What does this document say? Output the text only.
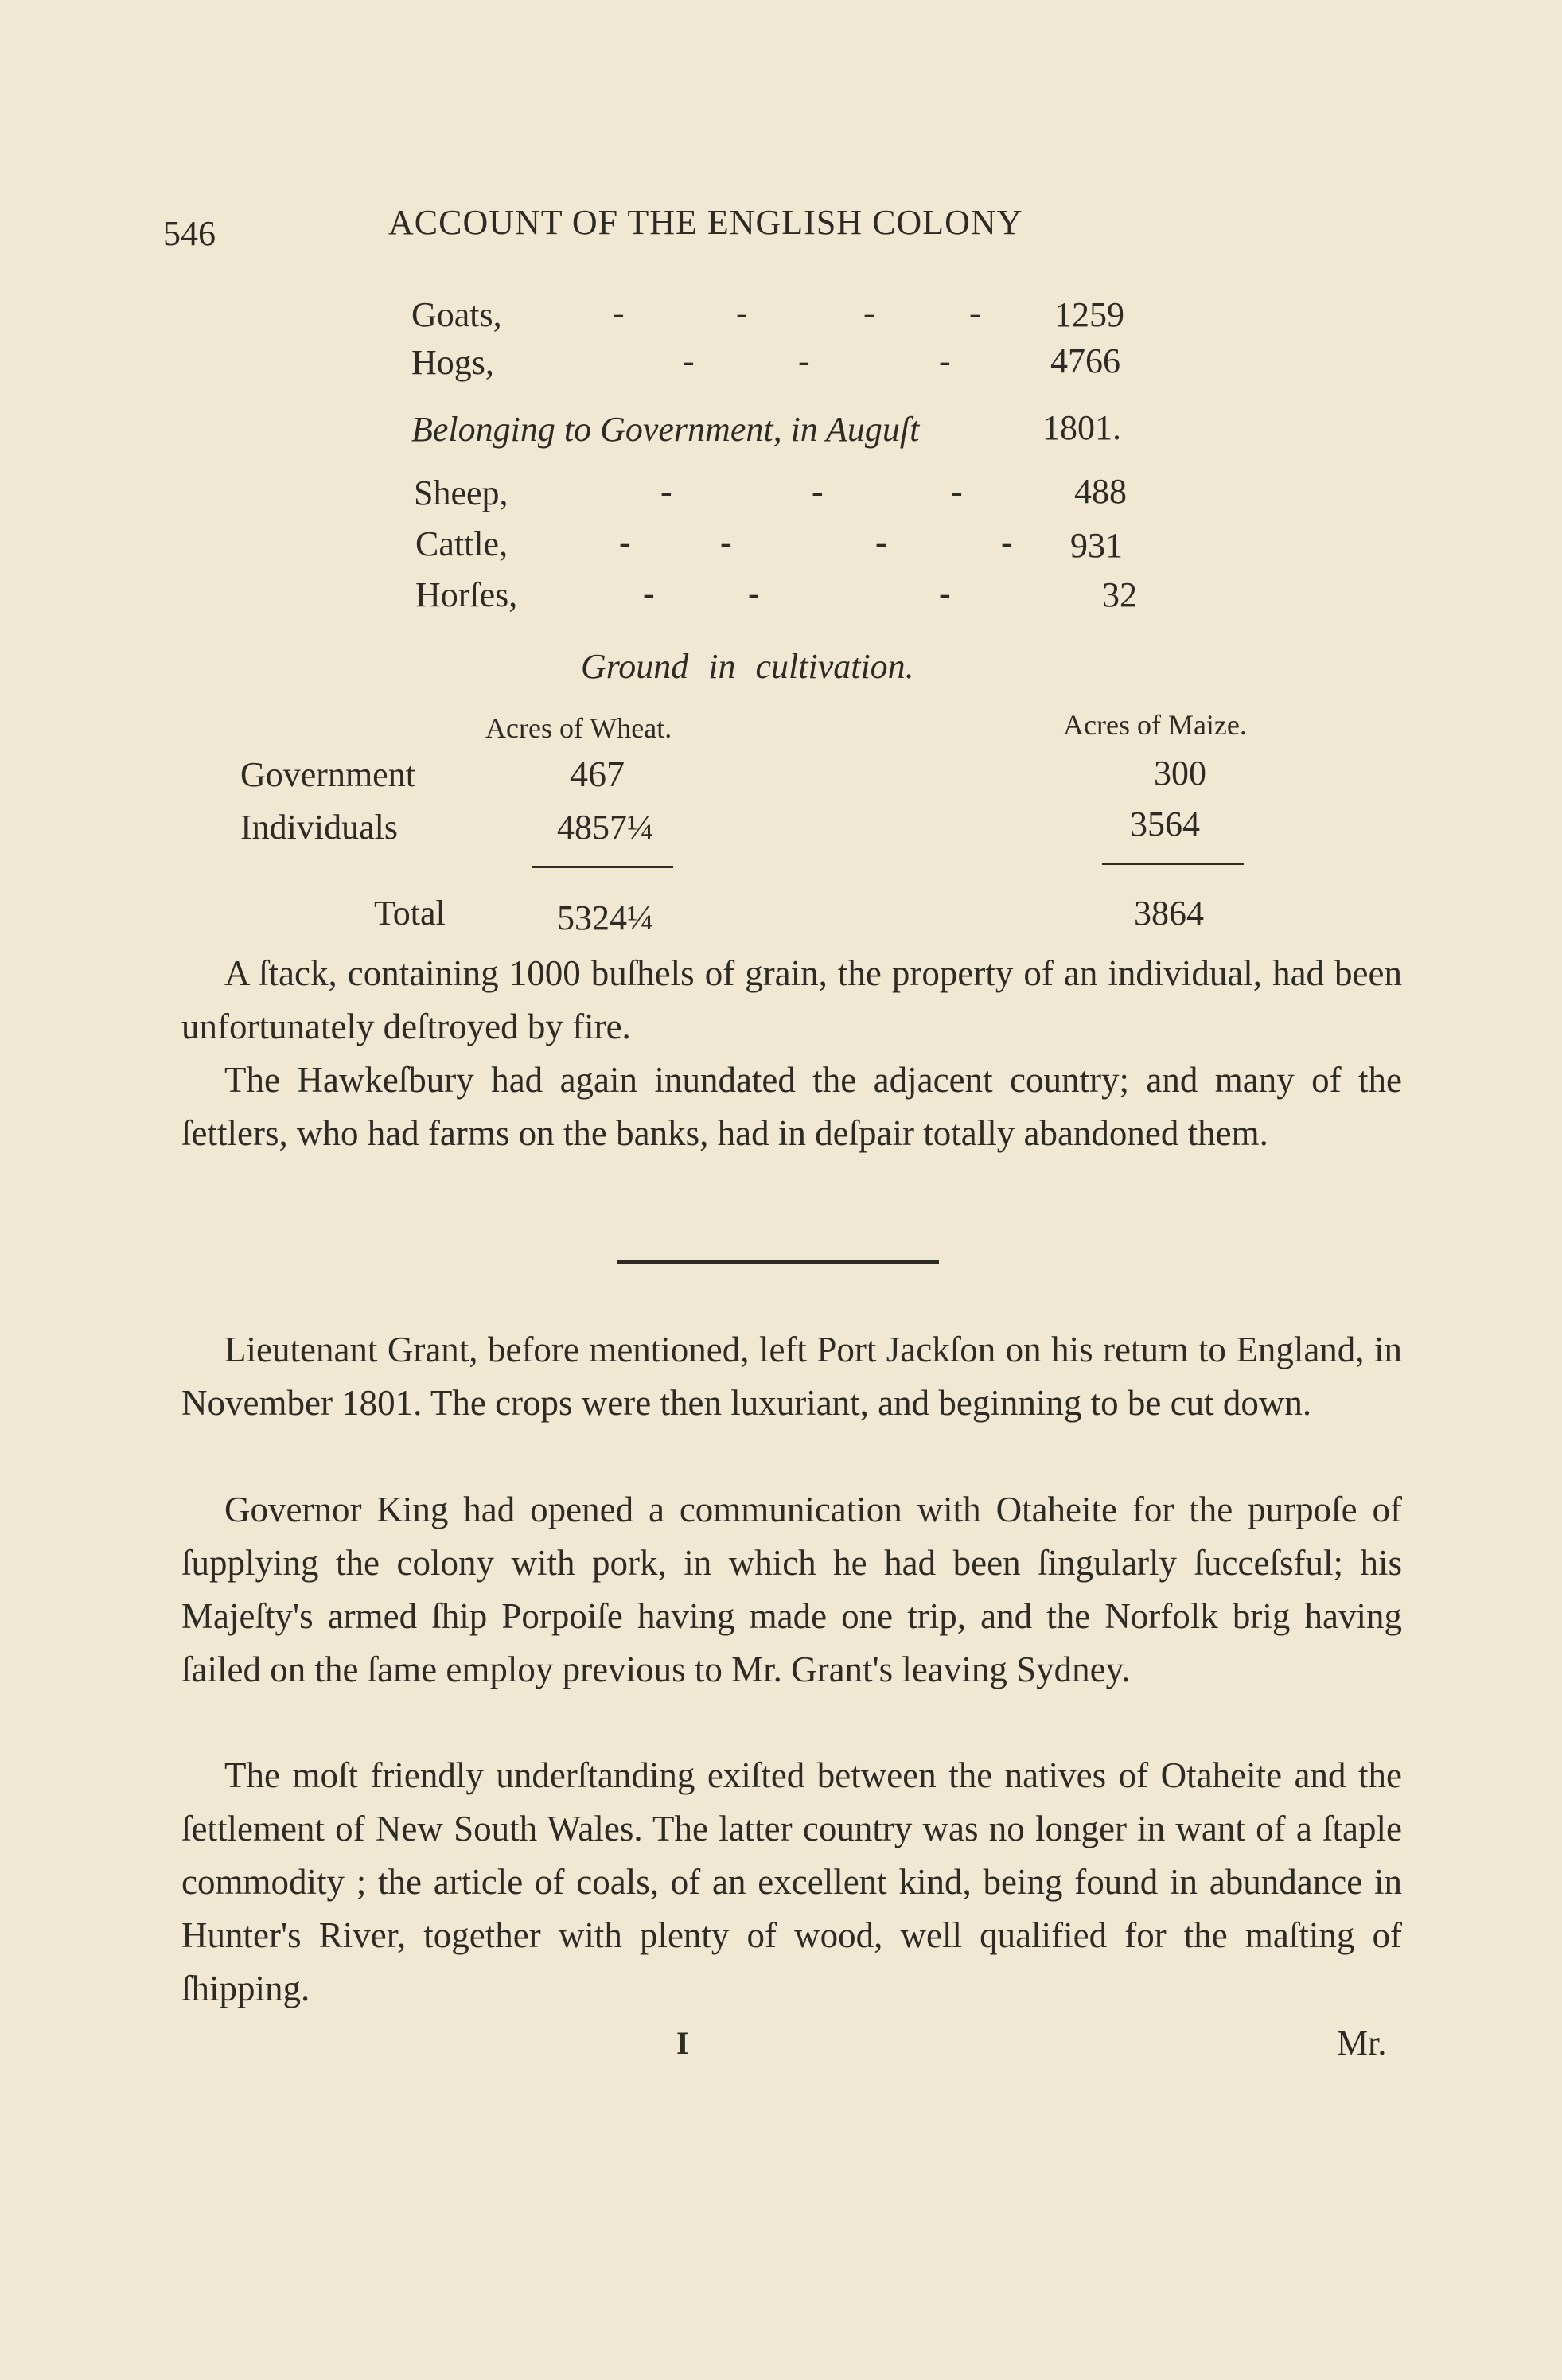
546	ACCOUNT OF THE ENGLISH COLONY
Goats,	-	-	-	- 1259
Hogs,	-	-	-	4766
Belonging to Government, in Auguſt	1801.
Sheep,	-	-	-	488
Cattle,	-	-	-	- 931
Horſes,	-	-	-	32
Ground in cultivation.
Acres of Wheat.	Acres of Maize.
Government	467	300
Individuals	4857¼	3564
Total	5324¼	3864
A ſtack, containing 1000 buſhels of grain, the property of an individual, had been unfortunately deſtroyed by fire.
The Hawkeſbury had again inundated the adjacent country; and many of the ſettlers, who had farms on the banks, had in deſpair totally abandoned them.
Lieutenant Grant, before mentioned, left Port Jackſon on his return to England, in November 1801. The crops were then luxuriant, and beginning to be cut down.
Governor King had opened a communication with Otaheite for the purpoſe of ſupplying the colony with pork, in which he had been ſingularly ſucceſsful; his Majeſty's armed ſhip Porpoiſe having made one trip, and the Norfolk brig having ſailed on the ſame employ previous to Mr. Grant's leaving Sydney.
The moſt friendly underſtanding exiſted between the natives of Otaheite and the ſettlement of New South Wales. The latter country was no longer in want of a ſtaple commodity ; the article of coals, of an excellent kind, being found in abundance in Hunter's River, together with plenty of wood, well qualified for the maſting of ſhipping.
I	Mr.
